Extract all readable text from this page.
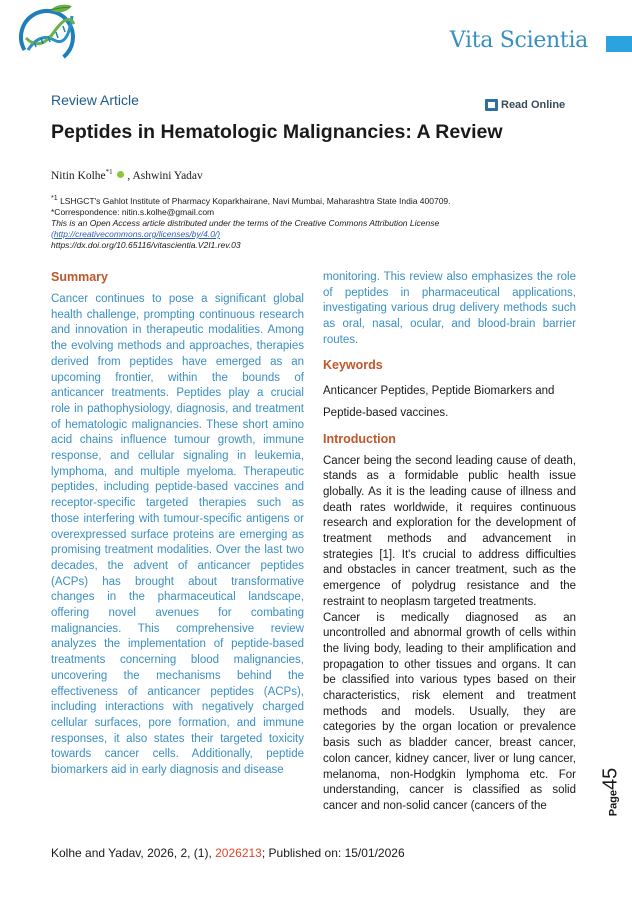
Vita Scientia
Review Article	Read Online
Peptides in Hematologic Malignancies: A Review
Nitin Kolhe$^{*1}$  , Ashwini Yadav
$^{*1}$ LSHGCT's Gahlot Institute of Pharmacy Koparkhairane, Navi Mumbai, Maharashtra State India 400709.
*Correspondence: nitin.s.kolhe@gmail.com
This is an Open Access article distributed under the terms of the Creative Commons Attribution License
(http://creativecommons.org/licenses/by/4.0/)
https://dx.doi.org/10.65116/vitascientia.V2I1.rev.03
Summary

Cancer continues to pose a significant global health challenge, prompting continuous research and innovation in therapeutic modalities. Among the evolving methods and approaches, therapies derived from peptides have emerged as an upcoming frontier, within the bounds of anticancer treatments. Peptides play a crucial role in pathophysiology, diagnosis, and treatment of hematologic malignancies. These short amino acid chains influence tumour growth, immune response, and cellular signaling in leukemia, lymphoma, and multiple myeloma. Therapeutic peptides, including peptide-based vaccines and receptor-specific targeted therapies such as those interfering with tumour-specific antigens or overexpressed surface proteins are emerging as promising treatment modalities. Over the last two decades, the advent of anticancer peptides (ACPs) has brought about transformative changes in the pharmaceutical landscape, offering novel avenues for combating malignancies. This comprehensive review analyzes the implementation of peptide-based treatments concerning blood malignancies, uncovering the mechanisms behind the effectiveness of anticancer peptides (ACPs), including interactions with negatively charged cellular surfaces, pore formation, and immune responses, it also states their targeted toxicity towards cancer cells. Additionally, peptide biomarkers aid in early diagnosis and disease

monitoring. This review also emphasizes the role of peptides in pharmaceutical applications, investigating various drug delivery methods such as oral, nasal, ocular, and blood-brain barrier routes.

Keywords

Anticancer Peptides, Peptide Biomarkers and Peptide-based vaccines.

Introduction

Cancer being the second leading cause of death, stands as a formidable public health issue globally. As it is the leading cause of illness and death rates worldwide, it requires continuous research and exploration for the development of treatment methods and advancement in strategies [1]. It's crucial to address difficulties and obstacles in cancer treatment, such as the emergence of polydrug resistance and the restraint to neoplasm targeted treatments.

Cancer is medically diagnosed as an uncontrolled and abnormal growth of cells within the living body, leading to their amplification and propagation to other tissues and organs. It can be classified into various types based on their characteristics, risk element and treatment methods and models. Usually, they are categories by the organ location or prevalence basis such as bladder cancer, breast cancer, colon cancer, kidney cancer, liver or lung cancer, melanoma, non-Hodgkin lymphoma etc. For understanding, cancer is classified as solid cancer and non-solid cancer (cancers of the	Page45
Kolhe and Yadav, 2026, 2, (1), 2026213; Published on: 15/01/2026
